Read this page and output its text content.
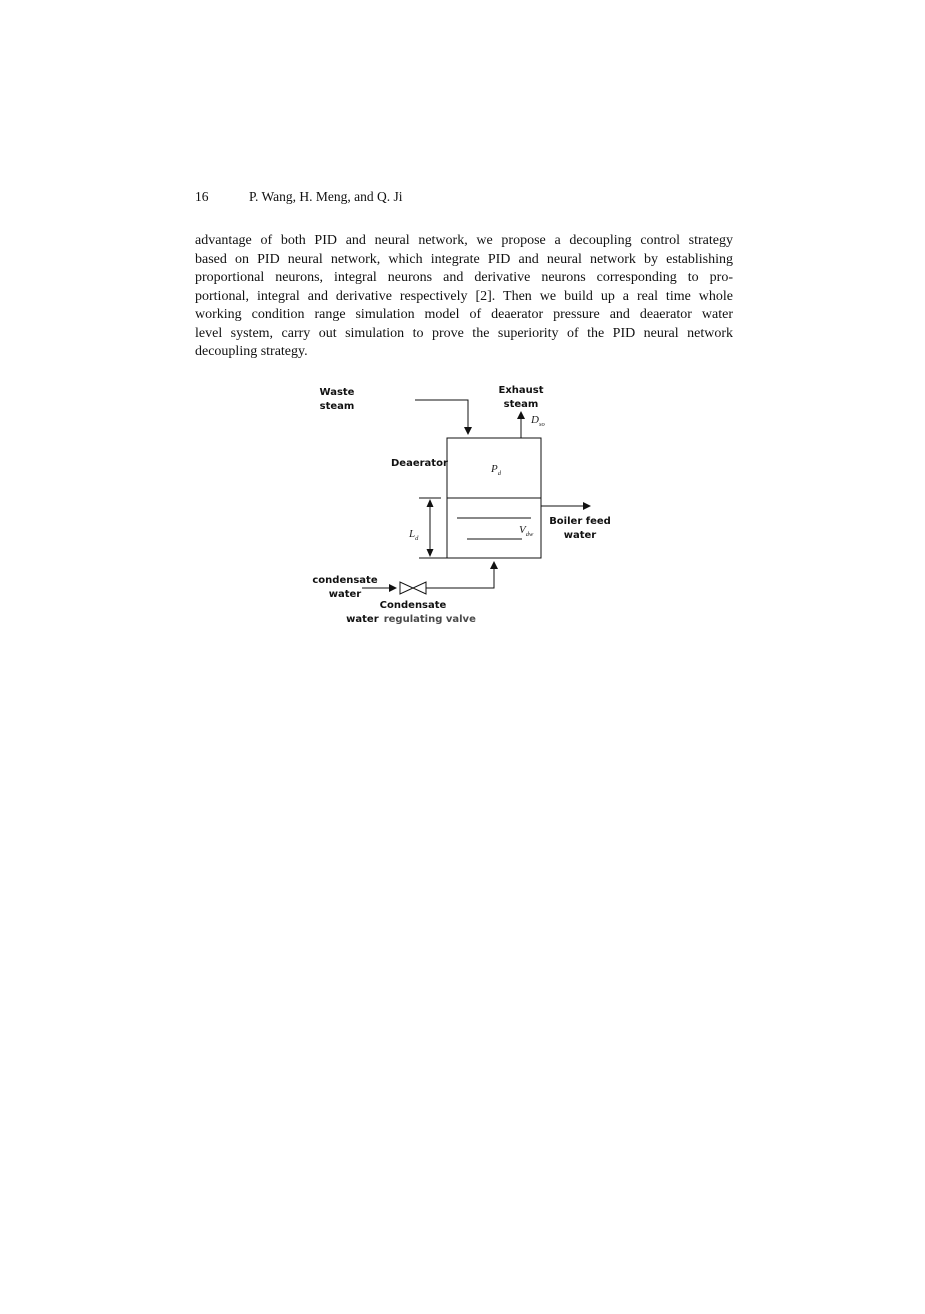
16	P. Wang, H. Meng, and Q. Ji
advantage of both PID and neural network, we propose a decoupling control strategy
based on PID neural network, which integrate PID and neural network by establishing
proportional neurons, integral neurons and derivative neurons corresponding to pro-
portional, integral and derivative respectively [2]. Then we build up a real time whole
working condition range simulation model of deaerator pressure and deaerator water
level system, carry out simulation to prove the superiority of the PID neural network
decoupling strategy.
Waste
steam
Exhaust
steam
Deaerator
Boiler feed
water
condensate
water
Condensate
water regulating valve
Dso
Pd
Ld
Vdw
